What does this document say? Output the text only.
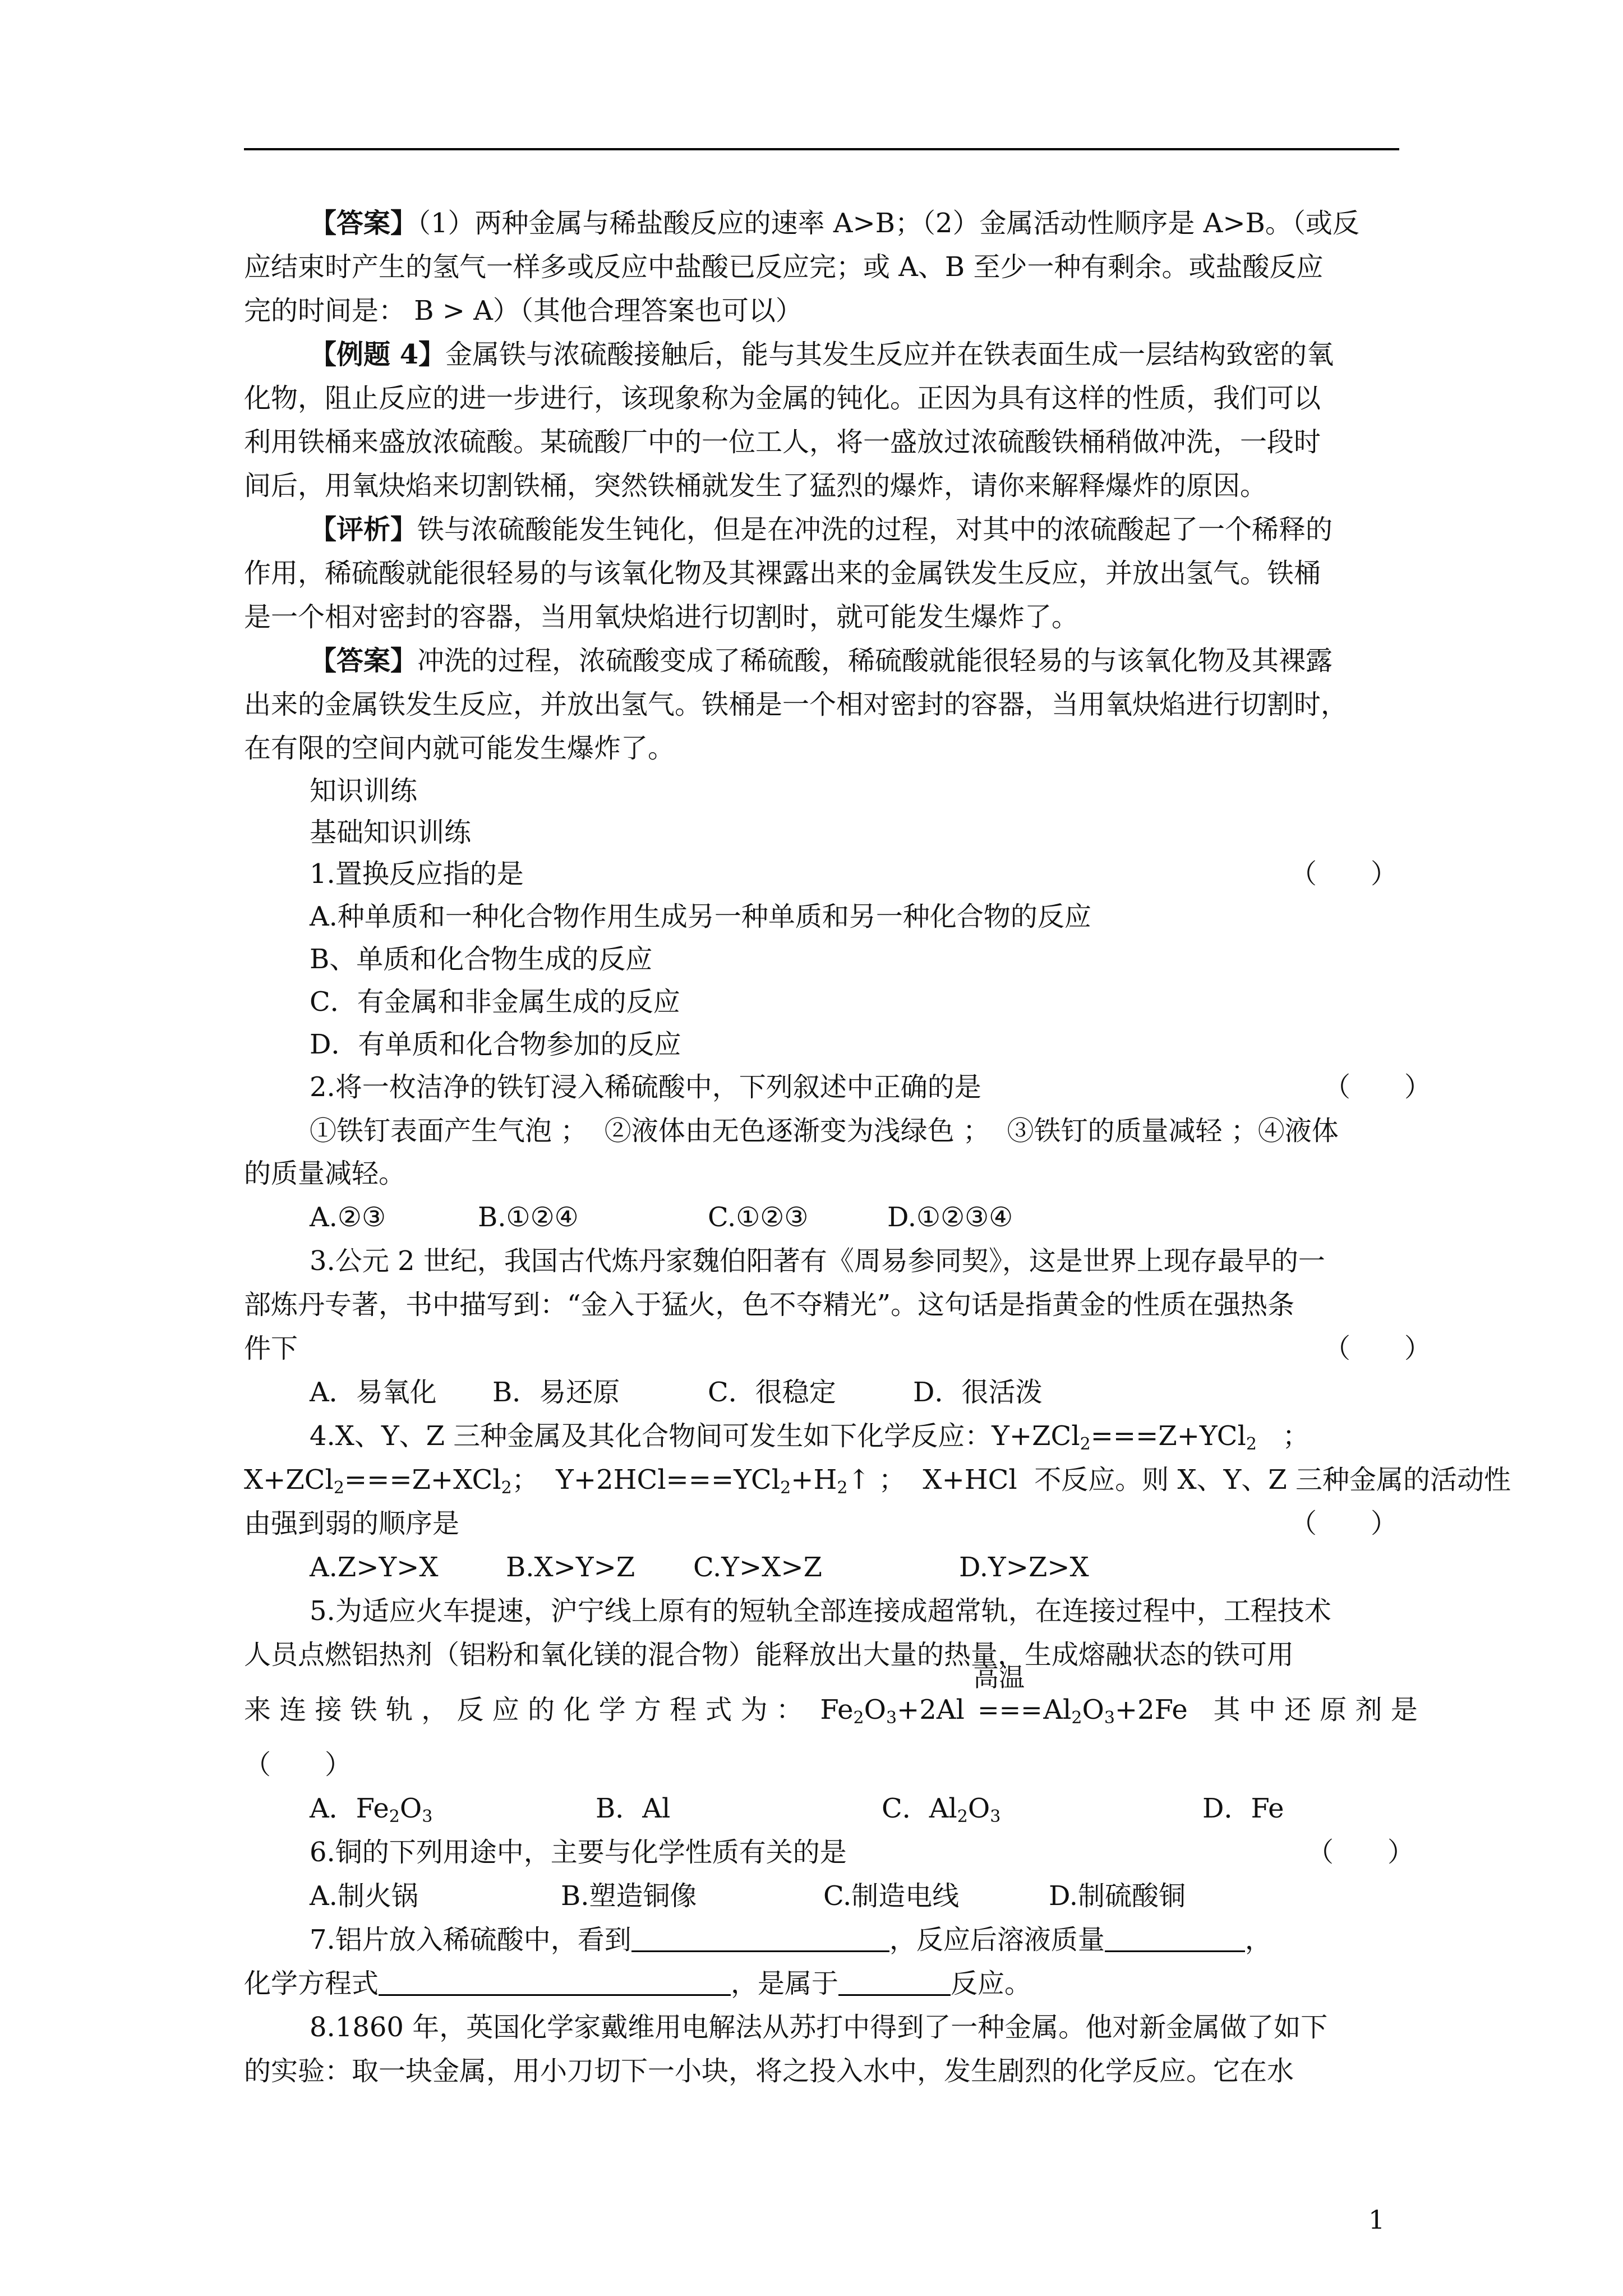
【答案】（1）两种金属与稀盐酸反应的速率 A>B；（2）金属活动性顺序是 A>B。（或反
应结束时产生的氢气一样多或反应中盐酸已反应完；或 A、B 至少一种有剩余。或盐酸反应
完的时间是： B > A）（其他合理答案也可以）
【例题 4】金属铁与浓硫酸接触后，能与其发生反应并在铁表面生成一层结构致密的氧
化物，阻止反应的进一步进行，该现象称为金属的钝化。正因为具有这样的性质，我们可以
利用铁桶来盛放浓硫酸。某硫酸厂中的一位工人，将一盛放过浓硫酸铁桶稍做冲洗，一段时
间后，用氧炔焰来切割铁桶，突然铁桶就发生了猛烈的爆炸，请你来解释爆炸的原因。
【评析】铁与浓硫酸能发生钝化，但是在冲洗的过程，对其中的浓硫酸起了一个稀释的
作用，稀硫酸就能很轻易的与该氧化物及其裸露出来的金属铁发生反应，并放出氢气。铁桶
是一个相对密封的容器，当用氧炔焰进行切割时，就可能发生爆炸了。
【答案】冲洗的过程，浓硫酸变成了稀硫酸，稀硫酸就能很轻易的与该氧化物及其裸露
出来的金属铁发生反应，并放出氢气。铁桶是一个相对密封的容器，当用氧炔焰进行切割时，
在有限的空间内就可能发生爆炸了。
知识训练
基础知识训练
1.置换反应指的是	（　　）
A.种单质和一种化合物作用生成另一种单质和另一种化合物的反应
B、单质和化合物生成的反应
C．有金属和非金属生成的反应
D．有单质和化合物参加的反应
2.将一枚洁净的铁钉浸入稀硫酸中，下列叙述中正确的是	（　　）
①铁钉表面产生气泡 ；  ②液体由无色逐渐变为浅绿色 ；  ③铁钉的质量减轻 ；④液体
的质量减轻。
A.②③	B.①②④	C.①②③	D.①②③④
3.公元 2 世纪，我国古代炼丹家魏伯阳著有《周易参同契》，这是世界上现存最早的一
部炼丹专著，书中描写到：“金入于猛火，色不夺精光”。这句话是指黄金的性质在强热条
件下	（　　）
A．易氧化 B．易还原	C．很稳定	D．很活泼
4.X、Y、Z 三种金属及其化合物间可发生如下化学反应：Y+ZCl$_2$===Z+YCl$_2$   ；
X+ZCl$_2$===Z+XCl$_2$；  $Y+2HCl===YCl_2+H_2↑$ ；  X+HCl  不反应。则 X、Y、Z 三种金属的活动性
由强到弱的顺序是	（　　）
A.Z>Y>X	B.X>Y>Z C.Y>X>Z	D.Y>Z>X
5.为适应火车提速，沪宁线上原有的短轨全部连接成超常轨，在连接过程中，工程技术
人员点燃铝热剂（铝粉和氧化镁的混合物）能释放出大量的热量，生成熔融状态的铁可用
来 连 接 铁 轨 ， 反 应 的 化 学 方 程 式 为 ：  $Fe_2O_3+2Al$
高温
=== $Al_2O_3+2Fe$   其 中 还 原 剂 是
（　　）
A．$Fe_2O_3$	B．Al	C．$Al_2O_3$	D．Fe
6.铜的下列用途中，主要与化学性质有关的是	（　　）
A.制火锅	B.塑造铜像	C.制造电线	D.制硫酸铜
7.铝片放入稀硫酸中，看到	，反应后溶液质量	，
化学方程式	，是属于	反应。
8.1860 年，英国化学家戴维用电解法从苏打中得到了一种金属。他对新金属做了如下
的实验：取一块金属，用小刀切下一小块，将之投入水中，发生剧烈的化学反应。它在水
1
